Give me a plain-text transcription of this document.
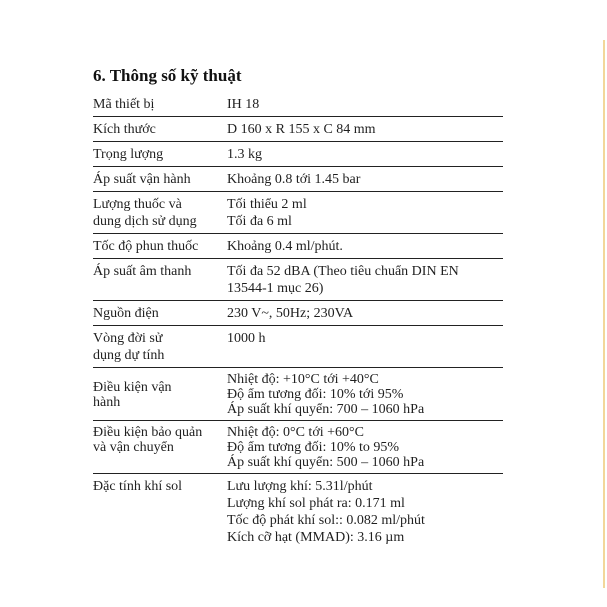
6. Thông số kỹ thuật
Mã thiết bị	IH 18

Kích thước	D 160 x R 155 x C 84 mm

Trọng lượng	1.3 kg

Áp suất vận hành	Khoảng 0.8 tới 1.45 bar

Lượng thuốc và
dung dịch sử dụng	Tối thiểu 2 ml
Tối đa 6 ml

Tốc độ phun thuốc	Khoảng 0.4 ml/phút.

Áp suất âm thanh	Tối đa 52 dBA (Theo tiêu chuẩn DIN EN
13544-1 mục 26)

Nguồn điện	230 V~, 50Hz; 230VA

Vòng đời sử
dụng dự tính	1000 h

Điều kiện vận
hành	Nhiệt độ: +10°C tới +40°C
Độ ẩm tương đối: 10% tới 95%
Áp suất khí quyển: 700 – 1060 hPa

Điều kiện bảo quản
và vận chuyển	Nhiệt độ: 0°C tới +60°C
Độ ẩm tương đối: 10% to 95%
Áp suất khí quyển: 500 – 1060 hPa

Đặc tính khí sol	Lưu lượng khí: 5.31l/phút
Lượng khí sol phát ra: 0.171 ml
Tốc độ phát khí sol:: 0.082 ml/phút
Kích cỡ hạt (MMAD): 3.16 µm
